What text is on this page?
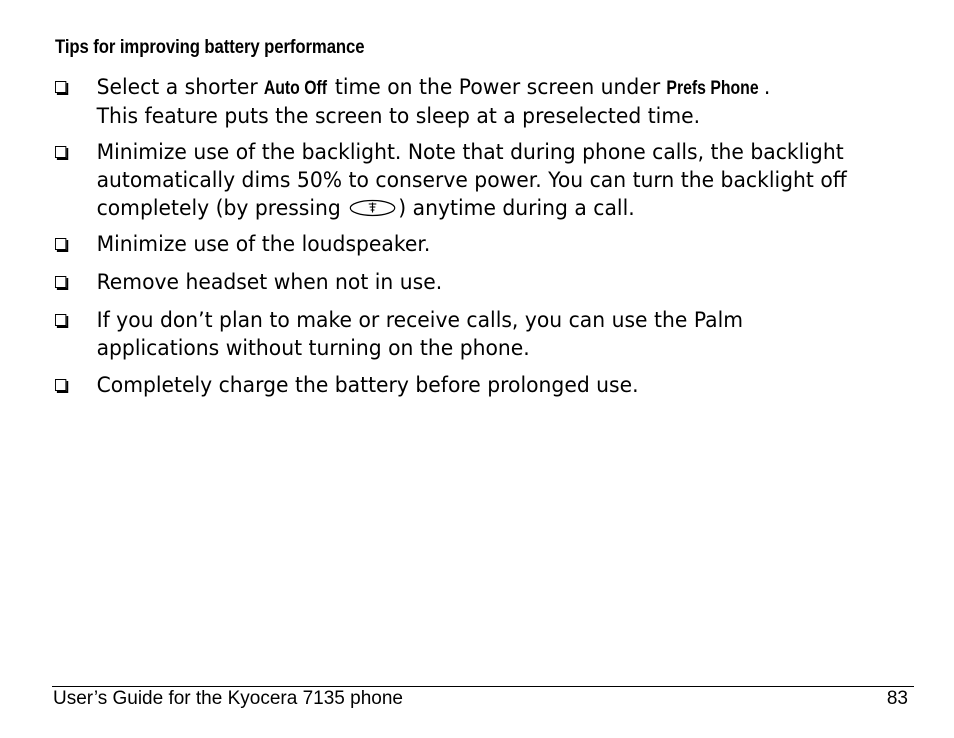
Tips for improving battery performance
Select a shorter Auto Off time on the Power screen under Prefs Phone .
This feature puts the screen to sleep at a preselected time.
Minimize use of the backlight. Note that during phone calls, the backlight
automatically dims 50% to conserve power. You can turn the backlight off
completely (by pressing ) anytime during a call.
Minimize use of the loudspeaker.
Remove headset when not in use.
If you don’t plan to make or receive calls, you can use the Palm
applications without turning on the phone.
Completely charge the battery before prolonged use.
User’s Guide for the Kyocera 7135 phone	83
